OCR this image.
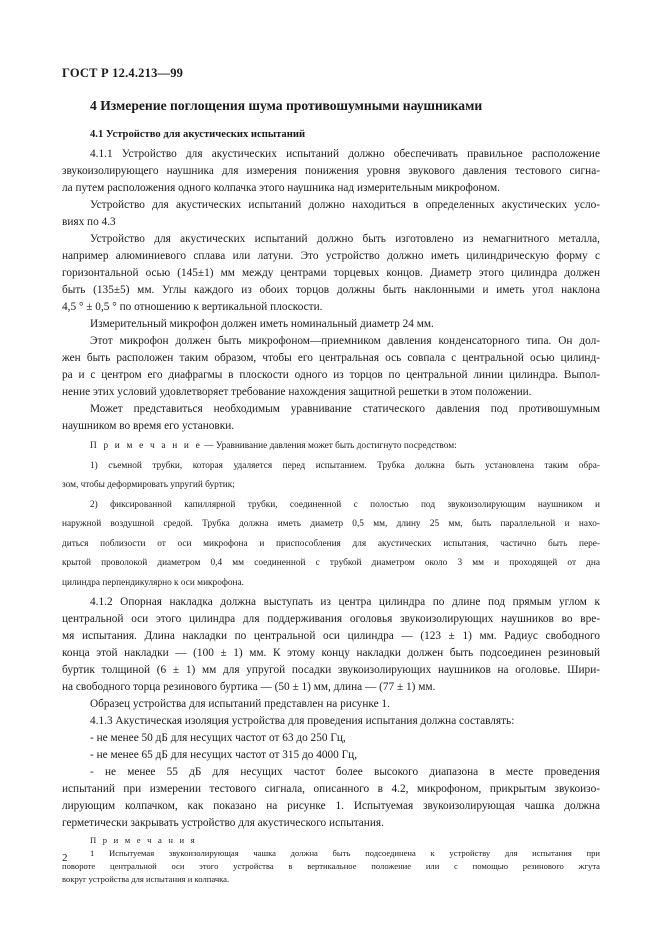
ГОСТ Р 12.4.213—99
4 Измерение поглощения шума противошумными наушниками
4.1 Устройство для акустических испытаний
4.1.1 Устройство для акустических испытаний должно обеспечивать правильное расположение
звукоизолирующего наушника для измерения понижения уровня звукового давления тестового сигна-
ла путем расположения одного колпачка этого наушника над измерительным микрофоном.
Устройство для акустических испытаний должно находиться в определенных акустических усло-
виях по 4.3
Устройство для акустических испытаний должно быть изготовлено из немагнитного металла,
например алюминиевого сплава или латуни. Это устройство должно иметь цилиндрическую форму с
горизонтальной осью (145±1) мм между центрами торцевых концов. Диаметр этого цилиндра должен
быть (135±5) мм. Углы каждого из обоих торцов должны быть наклонными и иметь угол наклона
4,5 ° ± 0,5 ° по отношению к вертикальной плоскости.
Измерительный микрофон должен иметь номинальный диаметр 24 мм.
Этот микрофон должен быть микрофоном—приемником давления конденсаторного типа. Он дол-
жен быть расположен таким образом, чтобы его центральная ось совпала с центральной осью цилинд-
ра и с центром его диафрагмы в плоскости одного из торцов по центральной линии цилиндра. Выпол-
нение этих условий удовлетворяет требование нахождения защитной решетки в этом положении.
Может представиться необходимым уравнивание статического давления под противошумным
наушником во время его установки.
П р и м е ч а н и е — Уравнивание давления может быть достигнуто посредством:
1) съемной трубки, которая удаляется перед испытанием. Трубка должна быть установлена таким обра-
зом, чтобы деформировать упругий буртик;
2) фиксированной капиллярной трубки, соединенной с полостью под звукоизолирующим наушником и
наружной воздушной средой. Трубка должна иметь диаметр 0,5 мм, длину 25 мм, быть параллельной и нахо-
диться поблизости от оси микрофона и приспособления для акустических испытания, частично быть пере-
крытой проволокой диаметром 0,4 мм соединенной с трубкой диаметром около 3 мм и проходящей от дна
цилиндра перпендикулярно к оси микрофона.
4.1.2 Опорная накладка должна выступать из центра цилиндра по длине под прямым углом к
центральной оси этого цилиндра для поддерживания оголовья звукоизолирующих наушников во вре-
мя испытания. Длина накладки по центральной оси цилиндра — (123 ± 1) мм. Радиус свободного
конца этой накладки — (100 ± 1) мм. К этому концу накладки должен быть подсоединен резиновый
буртик толщиной (6 ± 1) мм для упругой посадки звукоизолирующих наушников на оголовье. Шири-
на свободного торца резинового буртика — (50 ± 1) мм, длина — (77 ± 1) мм.
Образец устройства для испытаний представлен на рисунке 1.
4.1.3 Акустическая изоляция устройства для проведения испытания должна составлять:
- не менее 50 дБ для несущих частот от 63 до 250 Гц,
- не менее 65 дБ для несущих частот от 315 до 4000 Гц,
- не менее 55 дБ для несущих частот более высокого диапазона в месте проведения
испытаний при измерении тестового сигнала, описанного в 4.2, микрофоном, прикрытым звукоизо-
лирующим колпачком, как показано на рисунке 1. Испытуемая звукоизолирующая чашка должна
герметически закрывать устройство для акустического испытания.
П р и м е ч а н и я
1 Испытуемая звукоизолирующая чашка должна быть подсоединена к устройству для испытания при
повороте центральной оси этого устройства в вертикальное положение или с помощью резинового жгута
вокруг устройства для испытания и колпачка.
2
